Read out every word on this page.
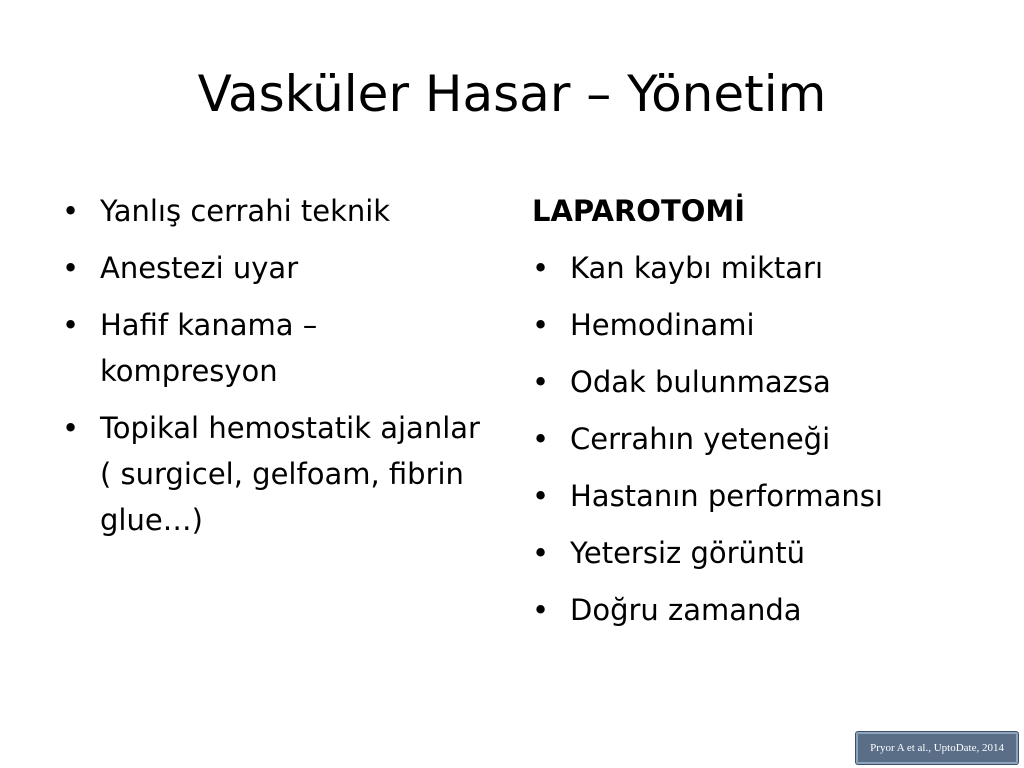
Vasküler Hasar – Yönetim
• Yanlış cerrahi teknik
• Anestezi uyar
• Hafif kanama – kompresyon
• Topikal hemostatik ajanlar ( surgicel, gelfoam, fibrin glue…)
LAPAROTOMİ
• Kan kaybı miktarı
• Hemodinami
• Odak bulunmazsa
• Cerrahın yeteneği
• Hastanın performansı
• Yetersiz görüntü
• Doğru zamanda
Pryor A et al., UptoDate, 2014
